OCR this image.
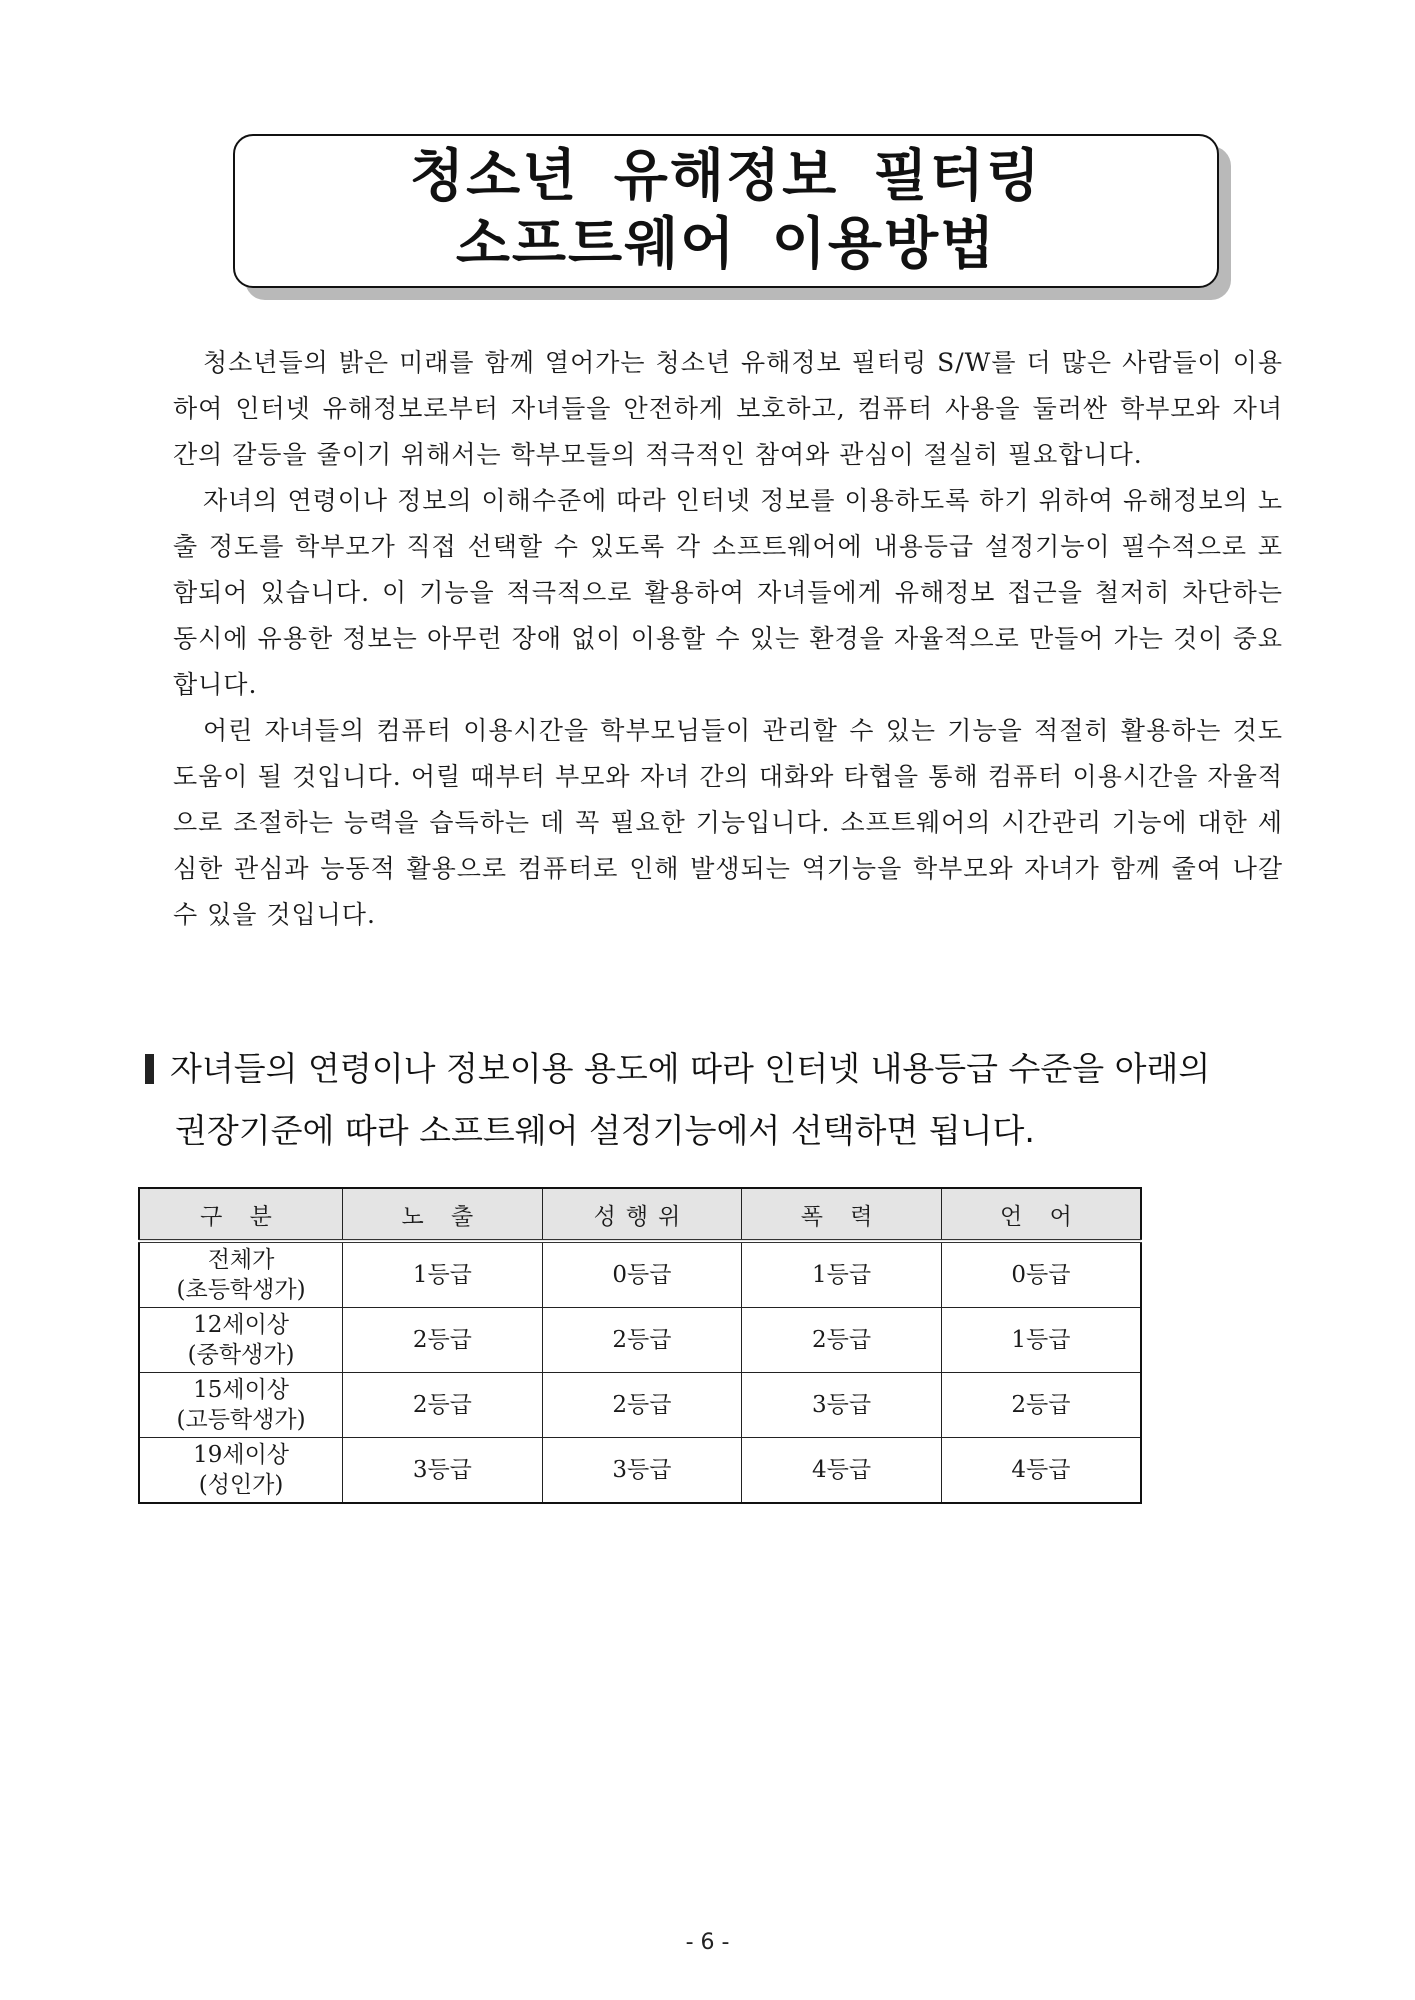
청소년 유해정보 필터링
소프트웨어 이용방법

청소년들의 밝은 미래를 함께 열어가는 청소년 유해정보 필터링 S/W를 더 많은 사람들이 이용하여 인터넷 유해정보로부터 자녀들을 안전하게 보호하고, 컴퓨터 사용을 둘러싼 학부모와 자녀 간의 갈등을 줄이기 위해서는 학부모들의 적극적인 참여와 관심이 절실히 필요합니다.

자녀의 연령이나 정보의 이해수준에 따라 인터넷 정보를 이용하도록 하기 위하여 유해정보의 노출 정도를 학부모가 직접 선택할 수 있도록 각 소프트웨어에 내용등급 설정기능이 필수적으로 포함되어 있습니다. 이 기능을 적극적으로 활용하여 자녀들에게 유해정보 접근을 철저히 차단하는 동시에 유용한 정보는 아무런 장애 없이 이용할 수 있는 환경을 자율적으로 만들어 가는 것이 중요합니다.

어린 자녀들의 컴퓨터 이용시간을 학부모님들이 관리할 수 있는 기능을 적절히 활용하는 것도 도움이 될 것입니다. 어릴 때부터 부모와 자녀 간의 대화와 타협을 통해 컴퓨터 이용시간을 자율적으로 조절하는 능력을 습득하는 데 꼭 필요한 기능입니다. 소프트웨어의 시간관리 기능에 대한 세심한 관심과 능동적 활용으로 컴퓨터로 인해 발생되는 역기능을 학부모와 자녀가 함께 줄여 나갈 수 있을 것입니다.

자녀들의 연령이나 정보이용 용도에 따라 인터넷 내용등급 수준을 아래의
권장기준에 따라 소프트웨어 설정기능에서 선택하면 됩니다.
구 분	노 출	성행위	폭 력	언 어

전체가
(초등학생가)	1등급	0등급	1등급	0등급

12세이상
(중학생가)	2등급	2등급	2등급	1등급

15세이상
(고등학생가)	2등급	2등급	3등급	2등급

19세이상
(성인가)	3등급	3등급	4등급	4등급
- 6 -
